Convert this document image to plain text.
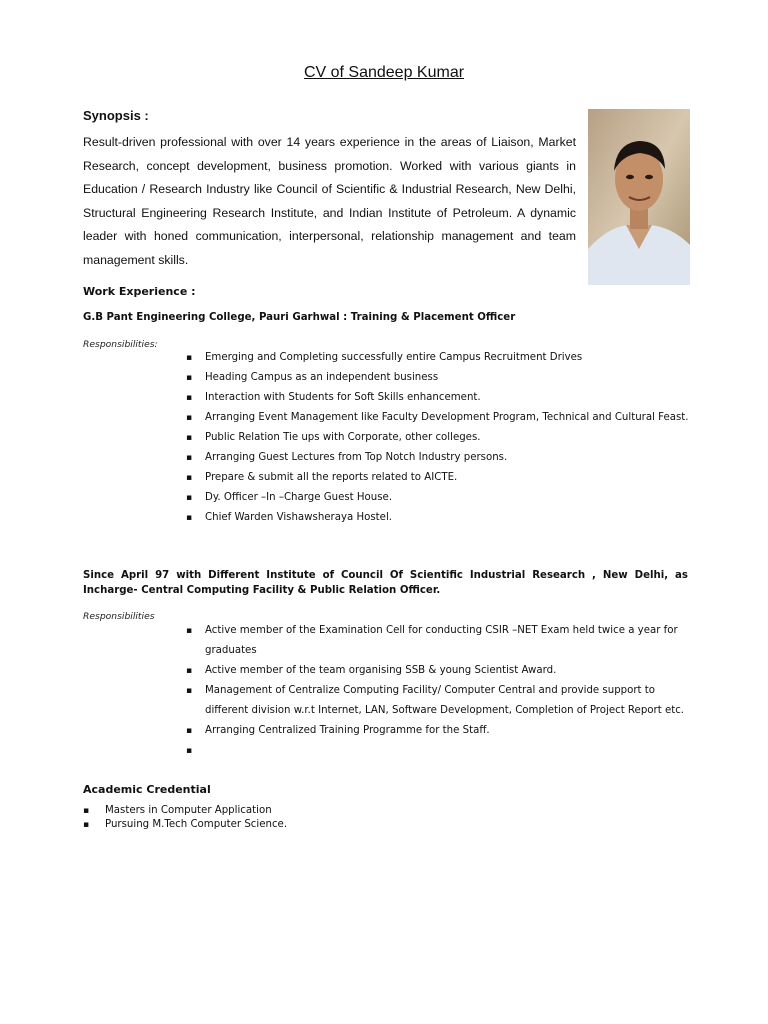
CV of Sandeep Kumar
Synopsis :

Result-driven professional with over 14 years experience in the areas of Liaison, Market Research, concept development, business promotion. Worked with various giants in Education / Research Industry like Council of Scientific & Industrial Research, New Delhi, Structural Engineering Research Institute, and Indian Institute of Petroleum. A dynamic leader with honed communication, interpersonal, relationship management and team management skills.

Work Experience :
G.B Pant Engineering College, Pauri Garhwal : Training & Placement Officer
Responsibilities:
▪ Emerging and Completing successfully entire Campus Recruitment Drives
▪ Heading Campus as an independent business
▪ Interaction with Students for Soft Skills enhancement.
▪ Arranging Event Management like Faculty Development Program, Technical and Cultural Feast.
▪ Public Relation Tie ups with Corporate, other colleges.
▪ Arranging Guest Lectures from Top Notch Industry persons.
▪ Prepare & submit all the reports related to AICTE.
▪ Dy. Officer –In –Charge Guest House.
▪ Chief Warden Vishawsheraya Hostel.
Since April 97 with Different Institute of Council Of Scientific Industrial Research , New Delhi, as Incharge- Central Computing Facility & Public Relation Officer.
Responsibilities
▪ Active member of the Examination Cell for conducting CSIR –NET Exam held twice a year for graduates
▪ Active member of the team organising SSB & young Scientist Award.
▪ Management of Centralize Computing Facility/ Computer Central and provide support to different division w.r.t Internet, LAN, Software Development, Completion of Project Report etc.
▪ Arranging Centralized Training Programme for the Staff.
▪
Academic Credential
▪ Masters in Computer Application
▪ Pursuing M.Tech Computer Science.
